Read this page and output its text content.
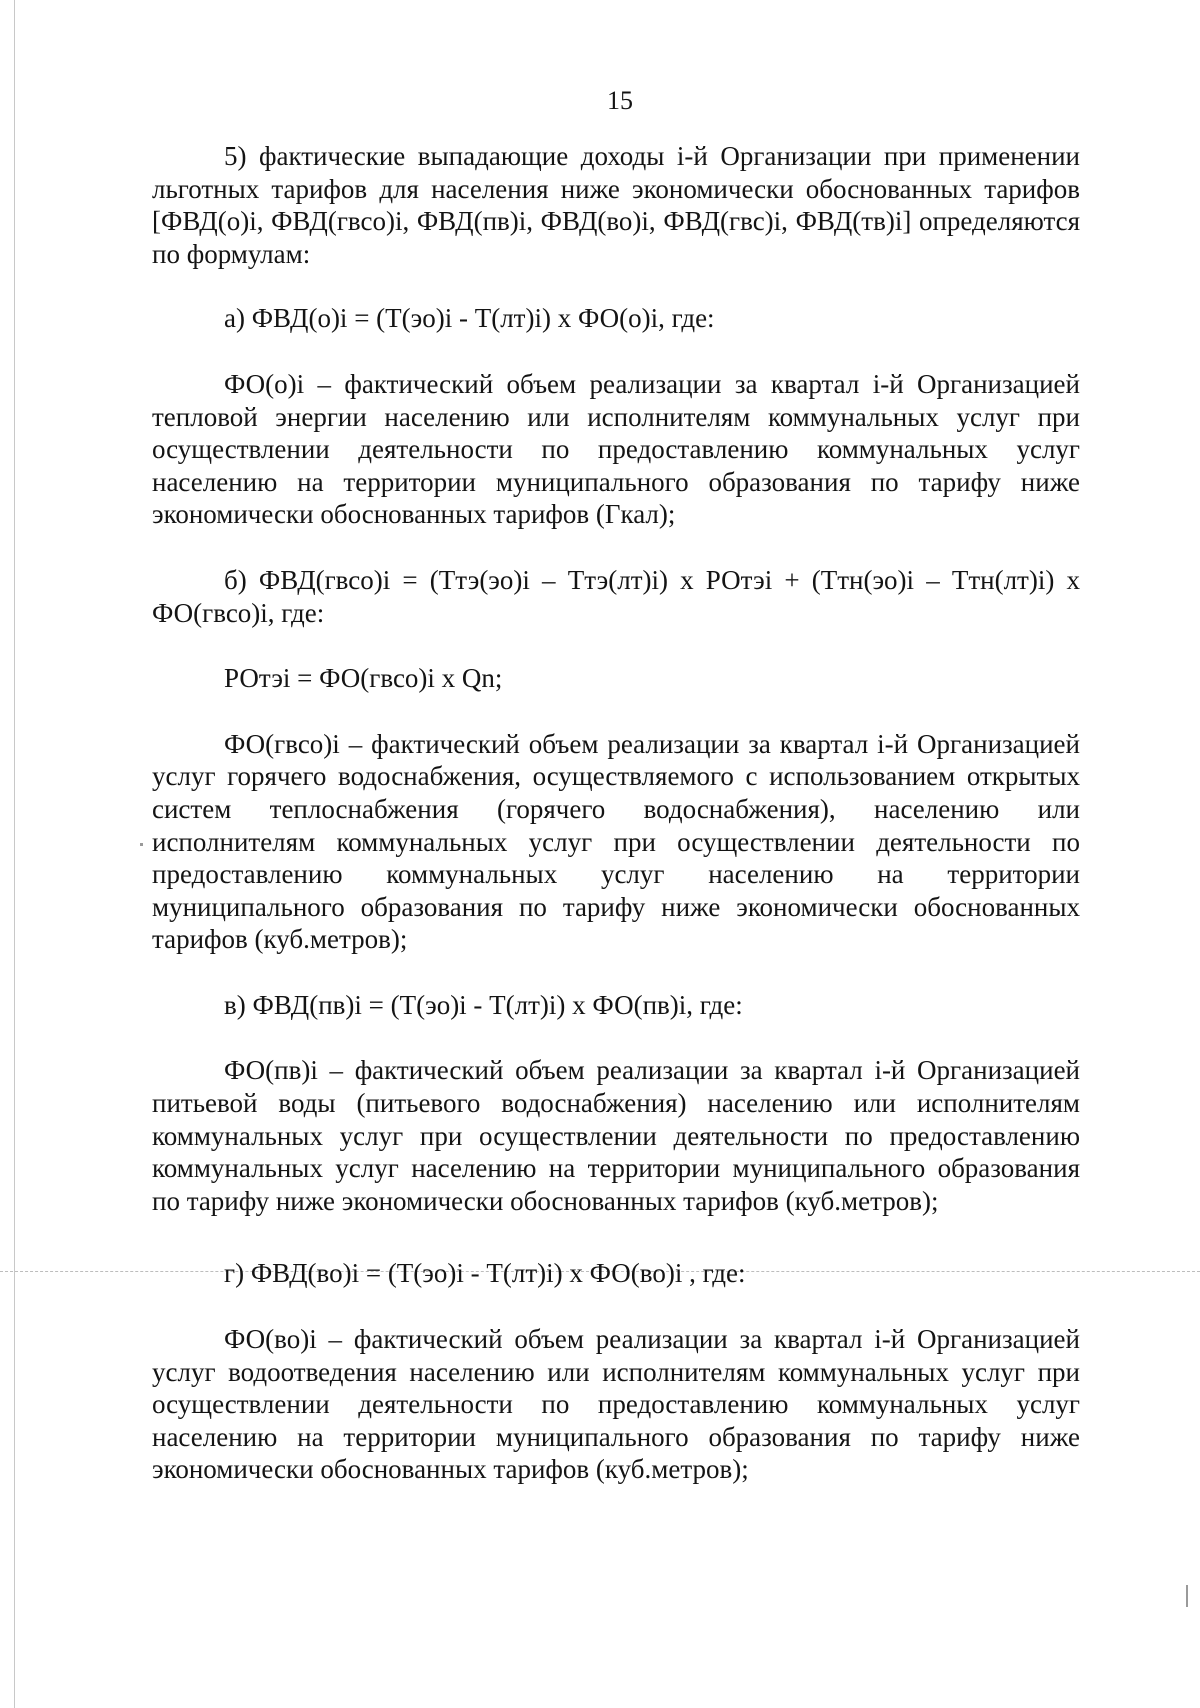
15

5) фактические выпадающие доходы i-й Организации при применении льготных тарифов для населения ниже экономически обоснованных тарифов [ФВД(о)i, ФВД(гвсо)i, ФВД(пв)i, ФВД(во)i, ФВД(гвс)i, ФВД(тв)i] определяются по формулам:

а) ФВД(о)i = (Т(эо)i - Т(лт)i) х ФО(о)i, где:

ФО(о)i – фактический объем реализации за квартал i-й Организацией тепловой энергии населению или исполнителям коммунальных услуг при осуществлении деятельности по предоставлению коммунальных услуг населению на территории муниципального образования по тарифу ниже экономически обоснованных тарифов (Гкал);

б) ФВД(гвсо)i = (Ттэ(эо)i – Ттэ(лт)i) х РОтэi + (Ттн(эо)i – Ттн(лт)i) х ФО(гвсо)i, где:

РОтэi = ФО(гвсо)i х Qn;

ФО(гвсо)i – фактический объем реализации за квартал i-й Организацией услуг горячего водоснабжения, осуществляемого с использованием открытых систем теплоснабжения (горячего водоснабжения), населению или исполнителям коммунальных услуг при осуществлении деятельности по предоставлению коммунальных услуг населению на территории муниципального образования по тарифу ниже экономически обоснованных тарифов (куб.метров);

в) ФВД(пв)i = (Т(эо)i - Т(лт)i) х ФО(пв)i, где:

ФО(пв)i – фактический объем реализации за квартал i-й Организацией питьевой воды (питьевого водоснабжения) населению или исполнителям коммунальных услуг при осуществлении деятельности по предоставлению коммунальных услуг населению на территории муниципального образования по тарифу ниже экономически обоснованных тарифов (куб.метров);

г) ФВД(во)i = (Т(эо)i - Т(лт)i) х ФО(во)i , где:

ФО(во)i – фактический объем реализации за квартал i-й Организацией услуг водоотведения населению или исполнителям коммунальных услуг при осуществлении деятельности по предоставлению коммунальных услуг населению на территории муниципального образования по тарифу ниже экономически обоснованных тарифов (куб.метров);
